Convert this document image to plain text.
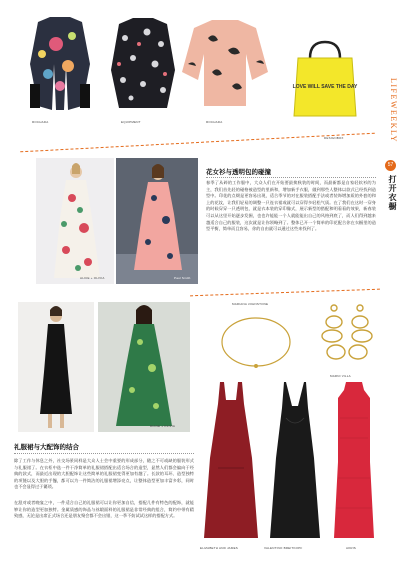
LIFEWEEKLY
57
打开衣橱
ROCHADA	EQUIPMENT	ROCHADA
LOVE WILL SAVE THE DAY
DESIGNBOX
ALICE + OLIVIA	Paul Smith
花女衫与透明包的碰撞
春季了从碎的工作服中，大众人们在开始要最换秋装的时间，而最新都是自家轻软衫的为主，我们首先轻的碰格被造型的里新和，增加新手衣服，做到那些人整体以款式已经找到造型中。印花的点缀是更容易出现，适合季节的对在服装搭配手法或者装饰增加质的外套的和上的花纹，让我们轻易的调整一只连衣裙或就可以穿得多轻松气质。在了我们在这时一穿身的时候穿穿一只透明包，就是衣本装的穿印像式，展示新型的搭配和明看看的效果，新春装可以从这里开始逐步发掘，也也许能能一个人就能能出自己的风格到底了，而人们得到越来越适合自己的服装，这次就是让你领略到了。整体已开一个简单的印花配合你在衣橱里的造型平衡，简单而且容易，你的自由就可以通过这些来找到了。
DIANE + OLIVIA
MARIANA JOHNSTONE
MARNI VILLA
ELIZABETH AND JAMES	VALENTINO BREITKOPF	AKRIS
礼服裙与大配饰的结合
除了工作与休息之外，社交场景同样是大众人士会中重要的形成部分，随之不可或缺的服装形式与礼服裙了。在衣柜中选一件干净简单的礼服裙搭配出适合场合的造型，显然人们都会偏向于经典的款式，而最近出现的大胆配饰让这些简单的礼服裙变得更加有趣了。长款的耳环、造型独特的项链以及大胆的手镯，都可以为一件简洁的礼服裙增添亮点，让整体造型更加丰富多彩，同时也不会显得过于繁琐。
在派对或者晚宴之中，一件适合自己的礼服裙可以让你更加自信，搭配几件有特色的配饰，就能够让你的造型更加独特。金属质感的饰品与丝缎面料的礼服裙是非常经典的组合，简约中带有精致感，无论是出席正式场合还是朋友聚会都不会出错，这一季不妨试试这样的搭配方式。
